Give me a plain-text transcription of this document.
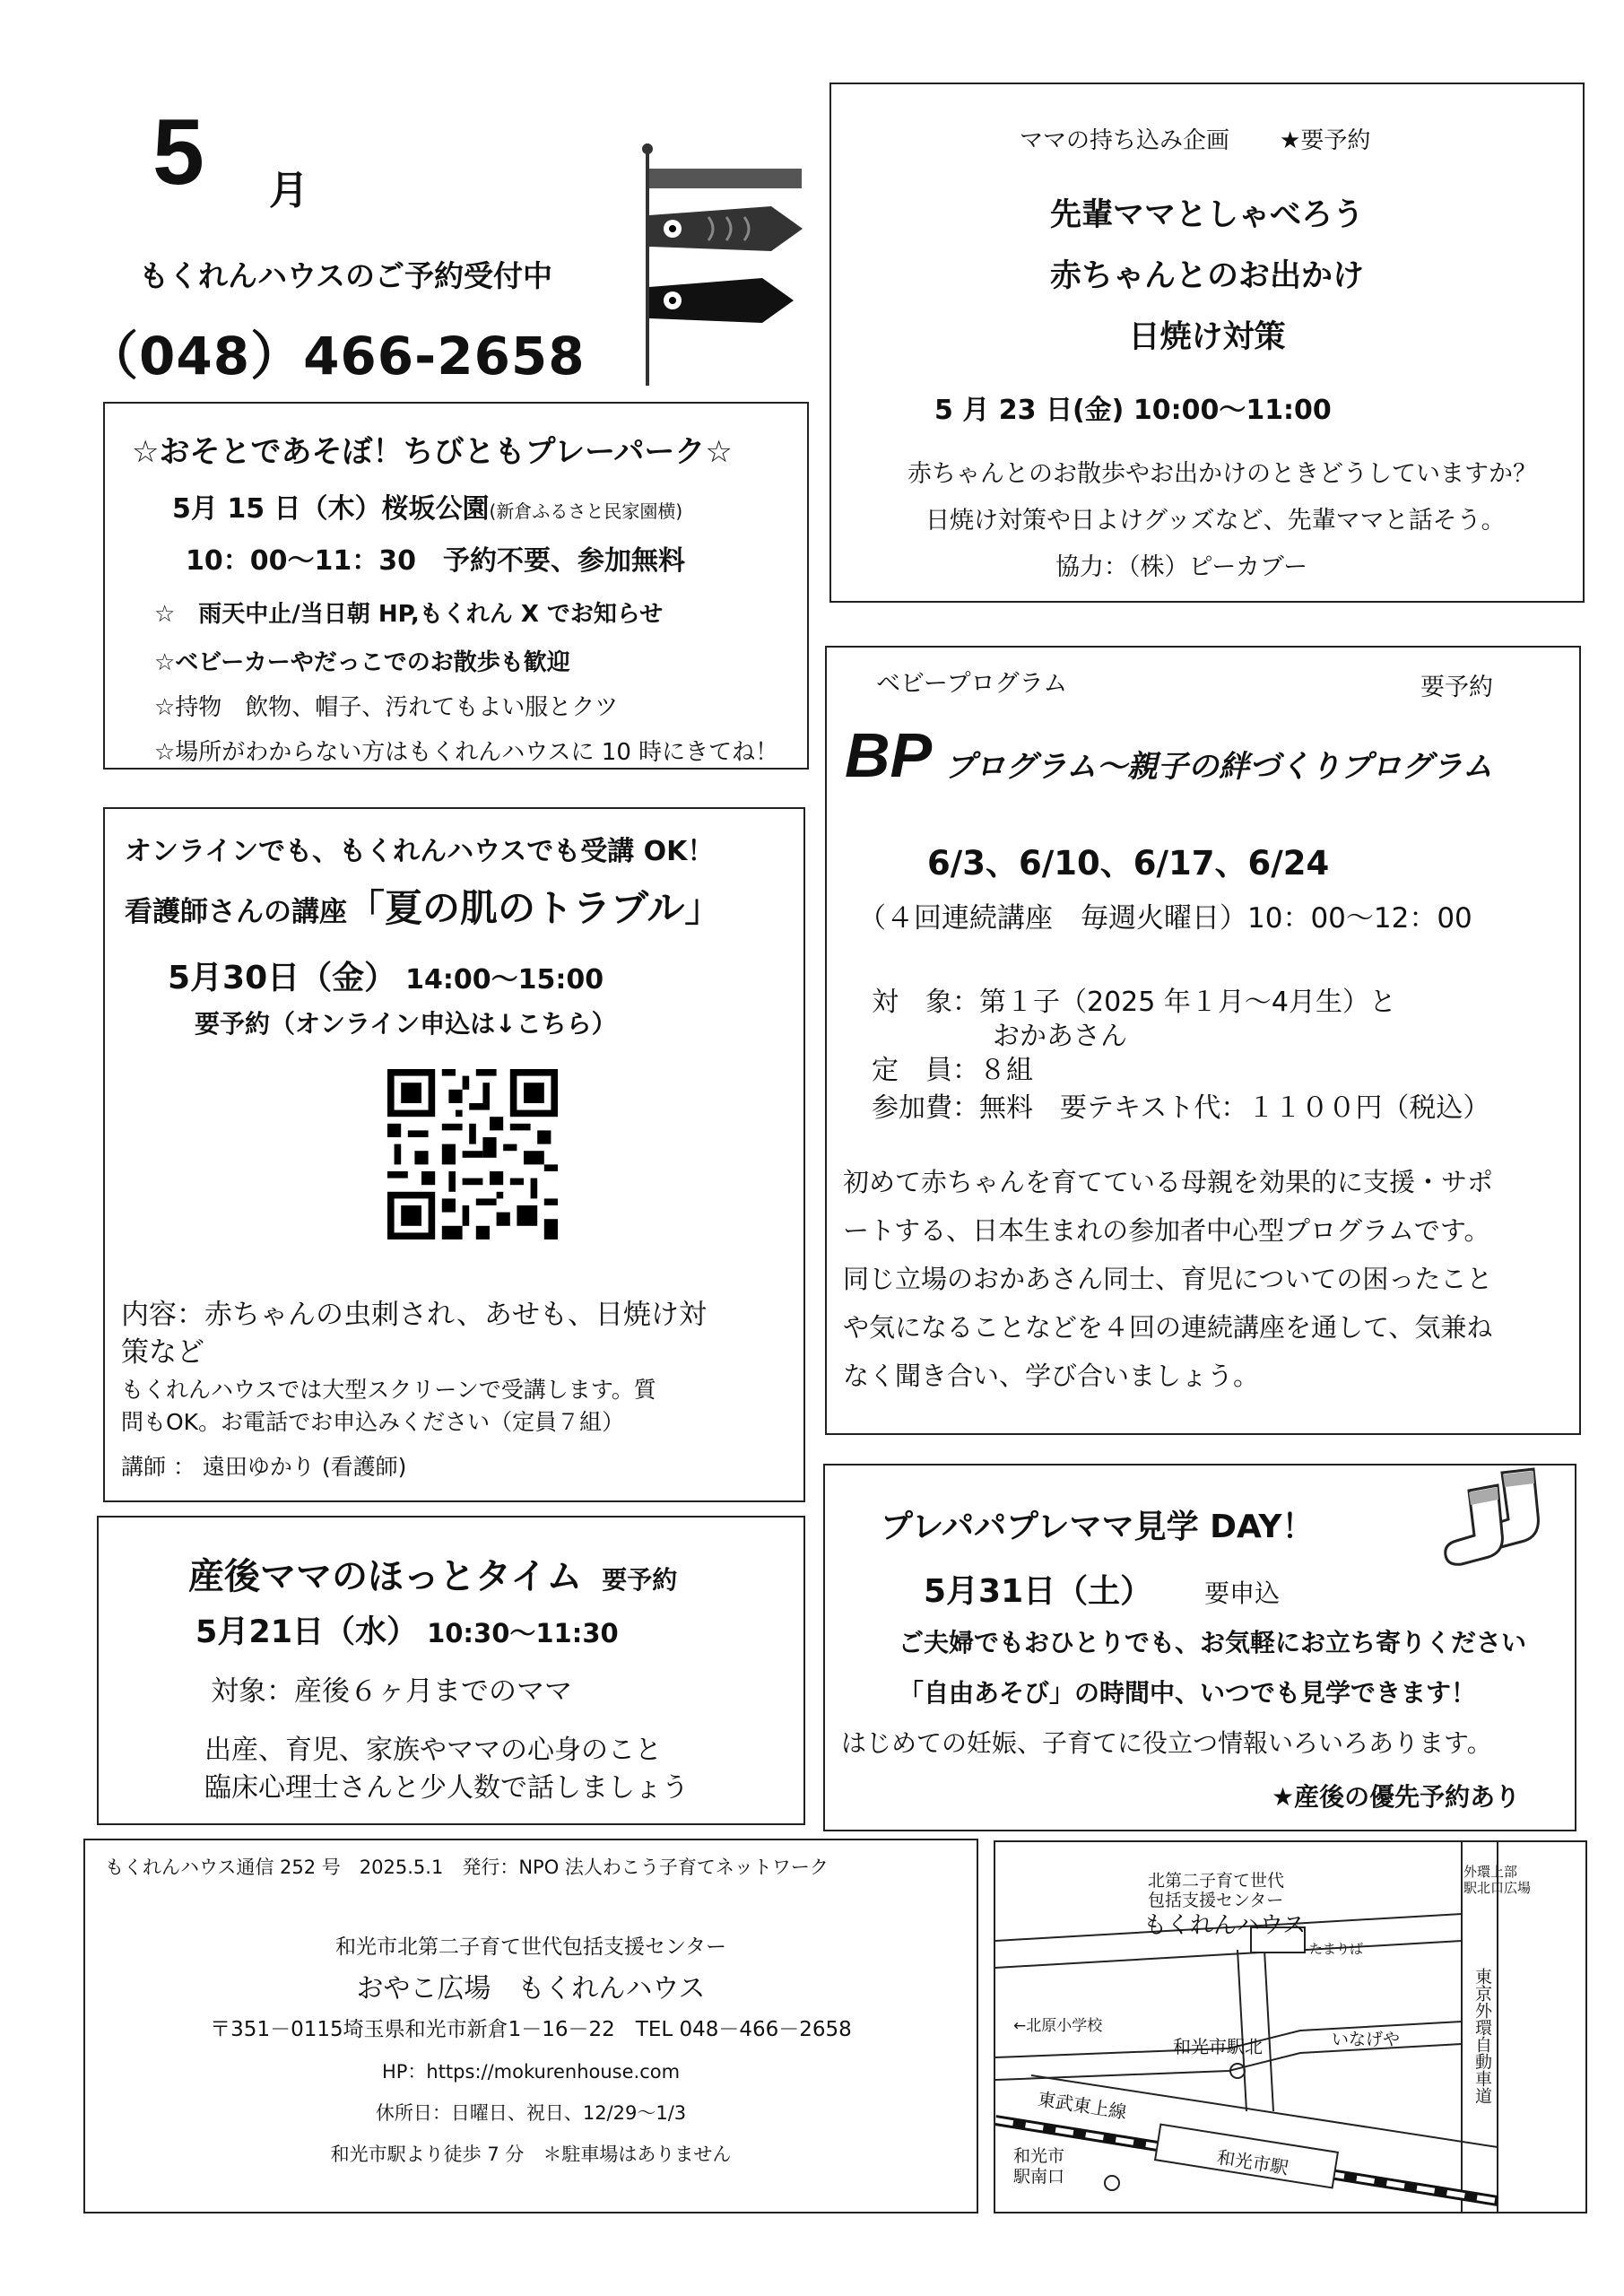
5 月
もくれんハウスのご予約受付中
（048）466-2658
☆おそとであそぼ！ちびともプレーパーク☆
5月 15 日（木）桜坂公園(新倉ふるさと民家園横)
10：00～11：30　予約不要、参加無料
☆　雨天中止/当日朝 HP,もくれん X でお知らせ
☆ベビーカーやだっこでのお散歩も歓迎
☆持物　飲物、帽子、汚れてもよい服とクツ
☆場所がわからない方はもくれんハウスに 10 時にきてね！
オンラインでも、もくれんハウスでも受講 OK！
看護師さんの講座「夏の肌のトラブル」
5月30日（金） 14:00～15:00
要予約（オンライン申込は↓こちら）
内容：赤ちゃんの虫刺され、あせも、日焼け対
策など
もくれんハウスでは大型スクリーンで受講します。質
問もOK。お電話でお申込みください（定員７組）
講師 ： 遠田ゆかり (看護師)
産後ママのほっとタイム 要予約
5月21日（水） 10:30～11:30
対象：産後６ヶ月までのママ
出産、育児、家族やママの心身のこと
臨床心理士さんと少人数で話しましょう
ママの持ち込み企画 ★要予約
先輩ママとしゃべろう
赤ちゃんとのお出かけ
日焼け対策
5 月 23 日(金) 10:00～11:00
赤ちゃんとのお散歩やお出かけのときどうしていますか？
日焼け対策や日よけグッズなど、先輩ママと話そう。
協力：（株）ピーカブー
ベビープログラム	要予約
BP プログラム～親子の絆づくりプログラム
6/3、6/10、6/17、6/24
（４回連続講座　毎週火曜日）10：00～12：00
対　象：第１子（2025 年１月～4月生）と
おかあさん
定　員：８組
参加費：無料　要テキスト代：１１００円（税込）
初めて赤ちゃんを育てている母親を効果的に支援・サポ
ートする、日本生まれの参加者中心型プログラムです。
同じ立場のおかあさん同士、育児についての困ったこと
や気になることなどを４回の連続講座を通して、気兼ね
なく聞き合い、学び合いましょう。
プレパパプレママ見学 DAY！
5月31日（土） 要申込
ご夫婦でもおひとりでも、お気軽にお立ち寄りください
「自由あそび」の時間中、いつでも見学できます！
はじめての妊娠、子育てに役立つ情報いろいろあります。
★産後の優先予約あり
もくれんハウス通信 252 号　2025.5.1　発行：NPO 法人わこう子育てネットワーク
和光市北第二子育て世代包括支援センター
おやこ広場　もくれんハウス
〒351－0115埼玉県和光市新倉1－16－22　TEL 048－466－2658
HP：https://mokurenhouse.com
休所日：日曜日、祝日、12/29～1/3
和光市駅より徒歩 7 分　＊駐車場はありません
北第二子育て世代
包括支援センター
もくれんハウス
たまりば
外環上部
駅北口広場
←北原小学校
和光市駅北	いなげや	東京外環自動車道
東武東上線
和光市駅
和光市
駅南口
